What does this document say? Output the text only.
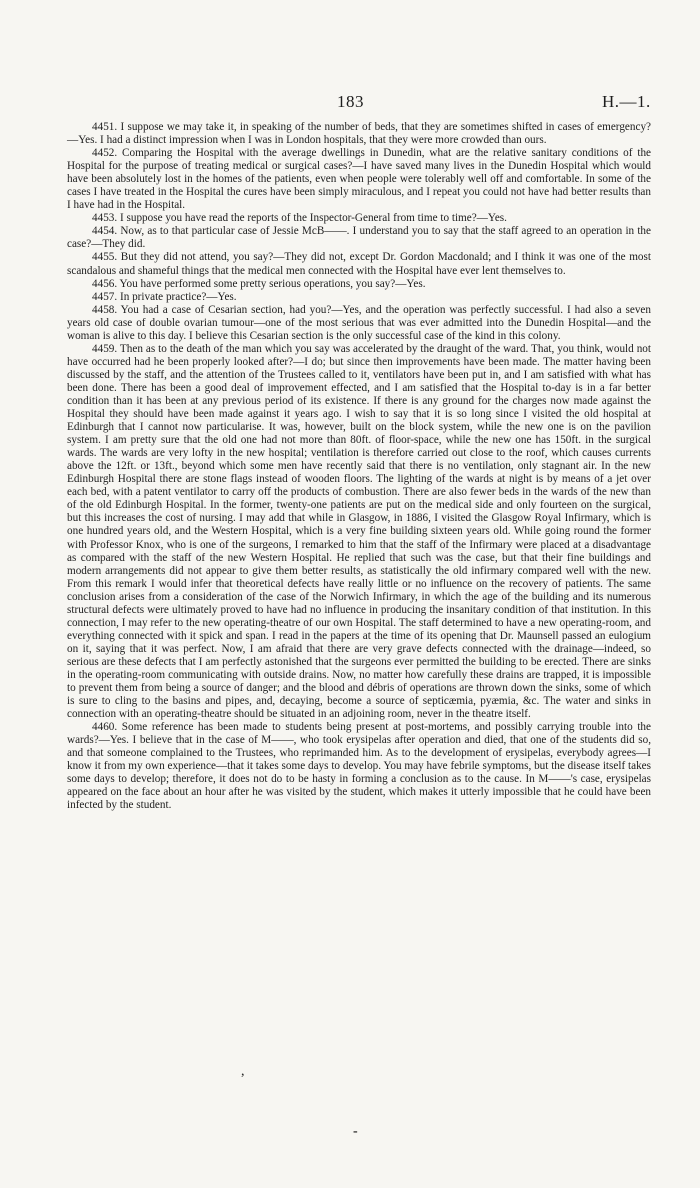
183	H.—1.

4451. I suppose we may take it, in speaking of the number of beds, that they are sometimes shifted in cases of emergency?—Yes. I had a distinct impression when I was in London hospitals, that they were more crowded than ours.

4452. Comparing the Hospital with the average dwellings in Dunedin, what are the relative sanitary conditions of the Hospital for the purpose of treating medical or surgical cases?—I have saved many lives in the Dunedin Hospital which would have been absolutely lost in the homes of the patients, even when people were tolerably well off and comfortable. In some of the cases I have treated in the Hospital the cures have been simply miraculous, and I repeat you could not have had better results than I have had in the Hospital.

4453. I suppose you have read the reports of the Inspector-General from time to time?—Yes.

4454. Now, as to that particular case of Jessie McB——. I understand you to say that the staff agreed to an operation in the case?—They did.

4455. But they did not attend, you say?—They did not, except Dr. Gordon Macdonald; and I think it was one of the most scandalous and shameful things that the medical men connected with the Hospital have ever lent themselves to.

4456. You have performed some pretty serious operations, you say?—Yes.

4457. In private practice?—Yes.

4458. You had a case of Cesarian section, had you?—Yes, and the operation was perfectly successful. I had also a seven years old case of double ovarian tumour—one of the most serious that was ever admitted into the Dunedin Hospital—and the woman is alive to this day. I believe this Cesarian section is the only successful case of the kind in this colony.

4459. Then as to the death of the man which you say was accelerated by the draught of the ward. That, you think, would not have occurred had he been properly looked after?—I do; but since then improvements have been made. The matter having been discussed by the staff, and the attention of the Trustees called to it, ventilators have been put in, and I am satisfied with what has been done. There has been a good deal of improvement effected, and I am satisfied that the Hospital to-day is in a far better condition than it has been at any previous period of its existence. If there is any ground for the charges now made against the Hospital they should have been made against it years ago. I wish to say that it is so long since I visited the old hospital at Edinburgh that I cannot now particularise. It was, however, built on the block system, while the new one is on the pavilion system. I am pretty sure that the old one had not more than 80ft. of floor-space, while the new one has 150ft. in the surgical wards. The wards are very lofty in the new hospital; ventilation is therefore carried out close to the roof, which causes currents above the 12ft. or 13ft., beyond which some men have recently said that there is no ventilation, only stagnant air. In the new Edinburgh Hospital there are stone flags instead of wooden floors. The lighting of the wards at night is by means of a jet over each bed, with a patent ventilator to carry off the products of combustion. There are also fewer beds in the wards of the new than of the old Edinburgh Hospital. In the former, twenty-one patients are put on the medical side and only fourteen on the surgical, but this increases the cost of nursing. I may add that while in Glasgow, in 1886, I visited the Glasgow Royal Infirmary, which is one hundred years old, and the Western Hospital, which is a very fine building sixteen years old. While going round the former with Professor Knox, who is one of the surgeons, I remarked to him that the staff of the Infirmary were placed at a disadvantage as compared with the staff of the new Western Hospital. He replied that such was the case, but that their fine buildings and modern arrangements did not appear to give them better results, as statistically the old infirmary compared well with the new. From this remark I would infer that theoretical defects have really little or no influence on the recovery of patients. The same conclusion arises from a consideration of the case of the Norwich Infirmary, in which the age of the building and its numerous structural defects were ultimately proved to have had no influence in producing the insanitary condition of that institution. In this connection, I may refer to the new operating-theatre of our own Hospital. The staff determined to have a new operating-room, and everything connected with it spick and span. I read in the papers at the time of its opening that Dr. Maunsell passed an eulogium on it, saying that it was perfect. Now, I am afraid that there are very grave defects connected with the drainage—indeed, so serious are these defects that I am perfectly astonished that the surgeons ever permitted the building to be erected. There are sinks in the operating-room communicating with outside drains. Now, no matter how carefully these drains are trapped, it is impossible to prevent them from being a source of danger; and the blood and débris of operations are thrown down the sinks, some of which is sure to cling to the basins and pipes, and, decaying, become a source of septicæmia, pyæmia, &c. The water and sinks in connection with an operating-theatre should be situated in an adjoining room, never in the theatre itself.

4460. Some reference has been made to students being present at post-mortems, and possibly carrying trouble into the wards?—Yes. I believe that in the case of M——, who took erysipelas after operation and died, that one of the students did so, and that someone complained to the Trustees, who reprimanded him. As to the development of erysipelas, everybody agrees—I know it from my own experience—that it takes some days to develop. You may have febrile symptoms, but the disease itself takes some days to develop; therefore, it does not do to be hasty in forming a conclusion as to the cause. In M——'s case, erysipelas appeared on the face about an hour after he was visited by the student, which makes it utterly impossible that he could have been infected by the student.

,
-
